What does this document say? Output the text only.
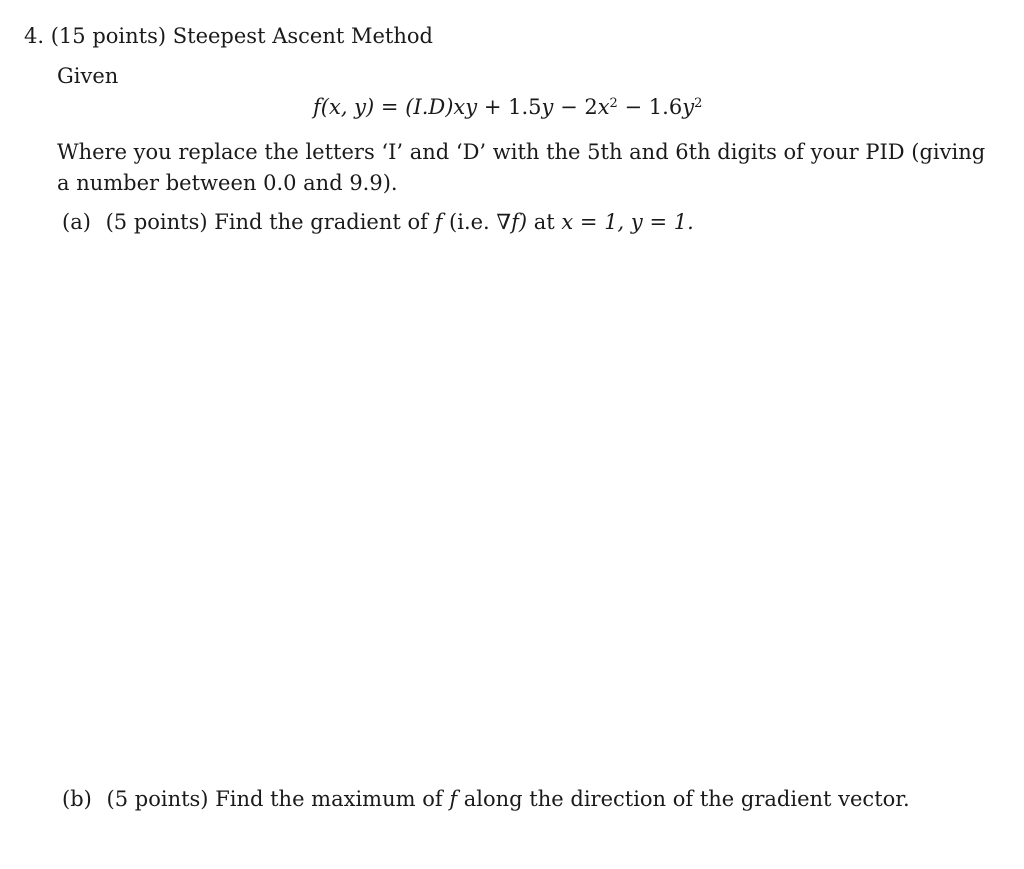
4. (15 points) Steepest Ascent Method
Given
f(x, $y) = (I.D)xy + 1.5y - 2x^2 - 1.6y^2$
Where you replace the letters ‘I’ and ‘D’ with the 5th and 6th digits of your PID (giving
a number between 0.0 and 9.9).
(a) (5 points) Find the gradient of f (i.e. ∇f) at x = 1, y = 1.
(b) (5 points) Find the maximum of f along the direction of the gradient vector.
